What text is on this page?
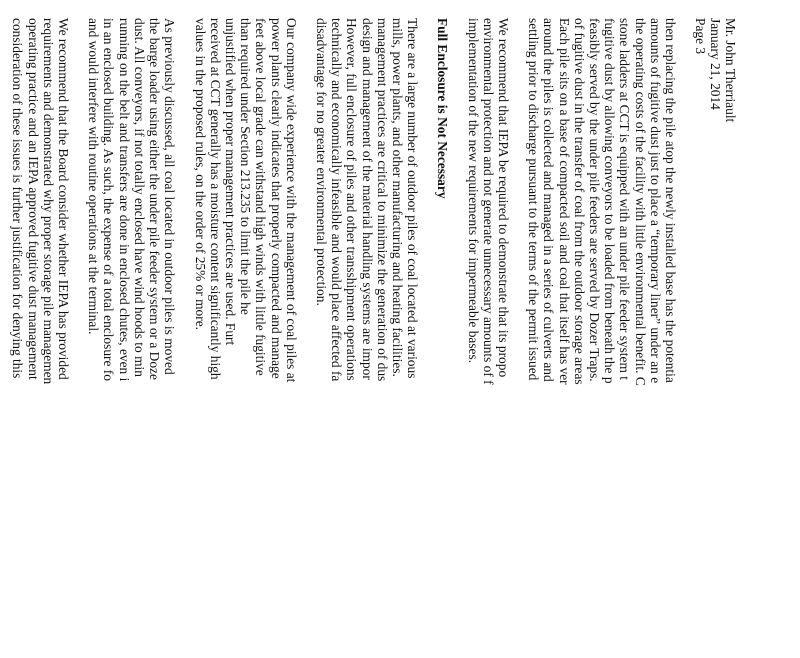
Mr. John Therriault
January 21, 2014
Page 3
then replacing the pile atop the newly installed base has the potentia
amounts of fugitive dust just to place a “temporary liner” under an e
the operating costs of the facility with little environmental benefit. C
stone ladders at CCT is equipped with an under pile feeder system t
fugitive dust by allowing conveyors to be loaded from beneath the p
feasibly served by the under pile feeders are served by Dozer Traps.
of fugitive dust in the transfer of coal from the outdoor storage areas
Each pile sits on a base of compacted soil and coal that itself has ver
around the piles is collected and managed in a series of culverts and
settling prior to discharge pursuant to the terms of the permit issued
We recommend that IEPA be required to demonstrate that its propo
environmental protection and not generate unnecessary amounts of f
implementation of the new requirements for impermeable bases.
Full Enclosure is Not Necessary
There are a large number of outdoor piles of coal located at various
mills, power plants, and other manufacturing and heating facilities.
management practices are critical to minimize the generation of dus
design and management of the material handling systems are impor
However, full enclosure of piles and other transshipment operations
technically and economically infeasible and would place affected fa
disadvantage for no greater environmental protection.
Our company wide experience with the management of coal piles at
power plants clearly indicates that properly compacted and manage
feet above local grade can withstand high winds with little fugitive
than required under Section 213.235 to limit the pile he
unjustified when proper management practices are used. Furt
received at CCT generally has a moisture content significantly high
values in the proposed rules, on the order of 25% or more.
As previously discussed, all coal located in outdoor piles is moved
the barge loader using either the under pile feeder system or a Doze
dust. All conveyors, if not totally enclosed have wind hoods to min
running on the belt and transfers are done in enclosed chutes, even i
in an enclosed building. As such, the expense of a total enclosure fo
and would interfere with routine operations at the terminal.
We recommend that the Board consider whether IEPA has provided
requirements and demonstrated why proper storage pile managemen
operating practice and an IEPA approved fugitive dust management
consideration of these issues is further justification for denying this
